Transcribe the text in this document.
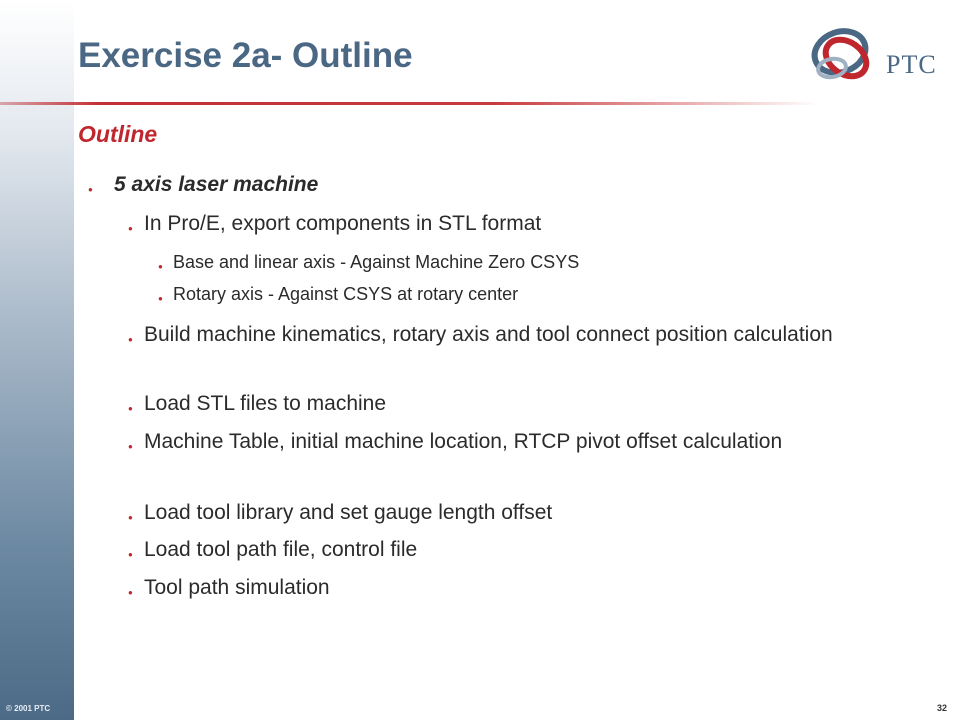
Exercise 2a- Outline	PTC
Outline
● 5 axis laser machine
● In Pro/E, export components in STL format
● Base and linear axis - Against Machine Zero CSYS
● Rotary axis - Against CSYS at rotary center
● Build machine kinematics, rotary axis and tool connect position calculation
● Load STL files to machine
● Machine Table, initial machine location, RTCP pivot offset calculation
● Load tool library and set gauge length offset
● Load tool path file, control file
● Tool path simulation
© 2001 PTC	32
